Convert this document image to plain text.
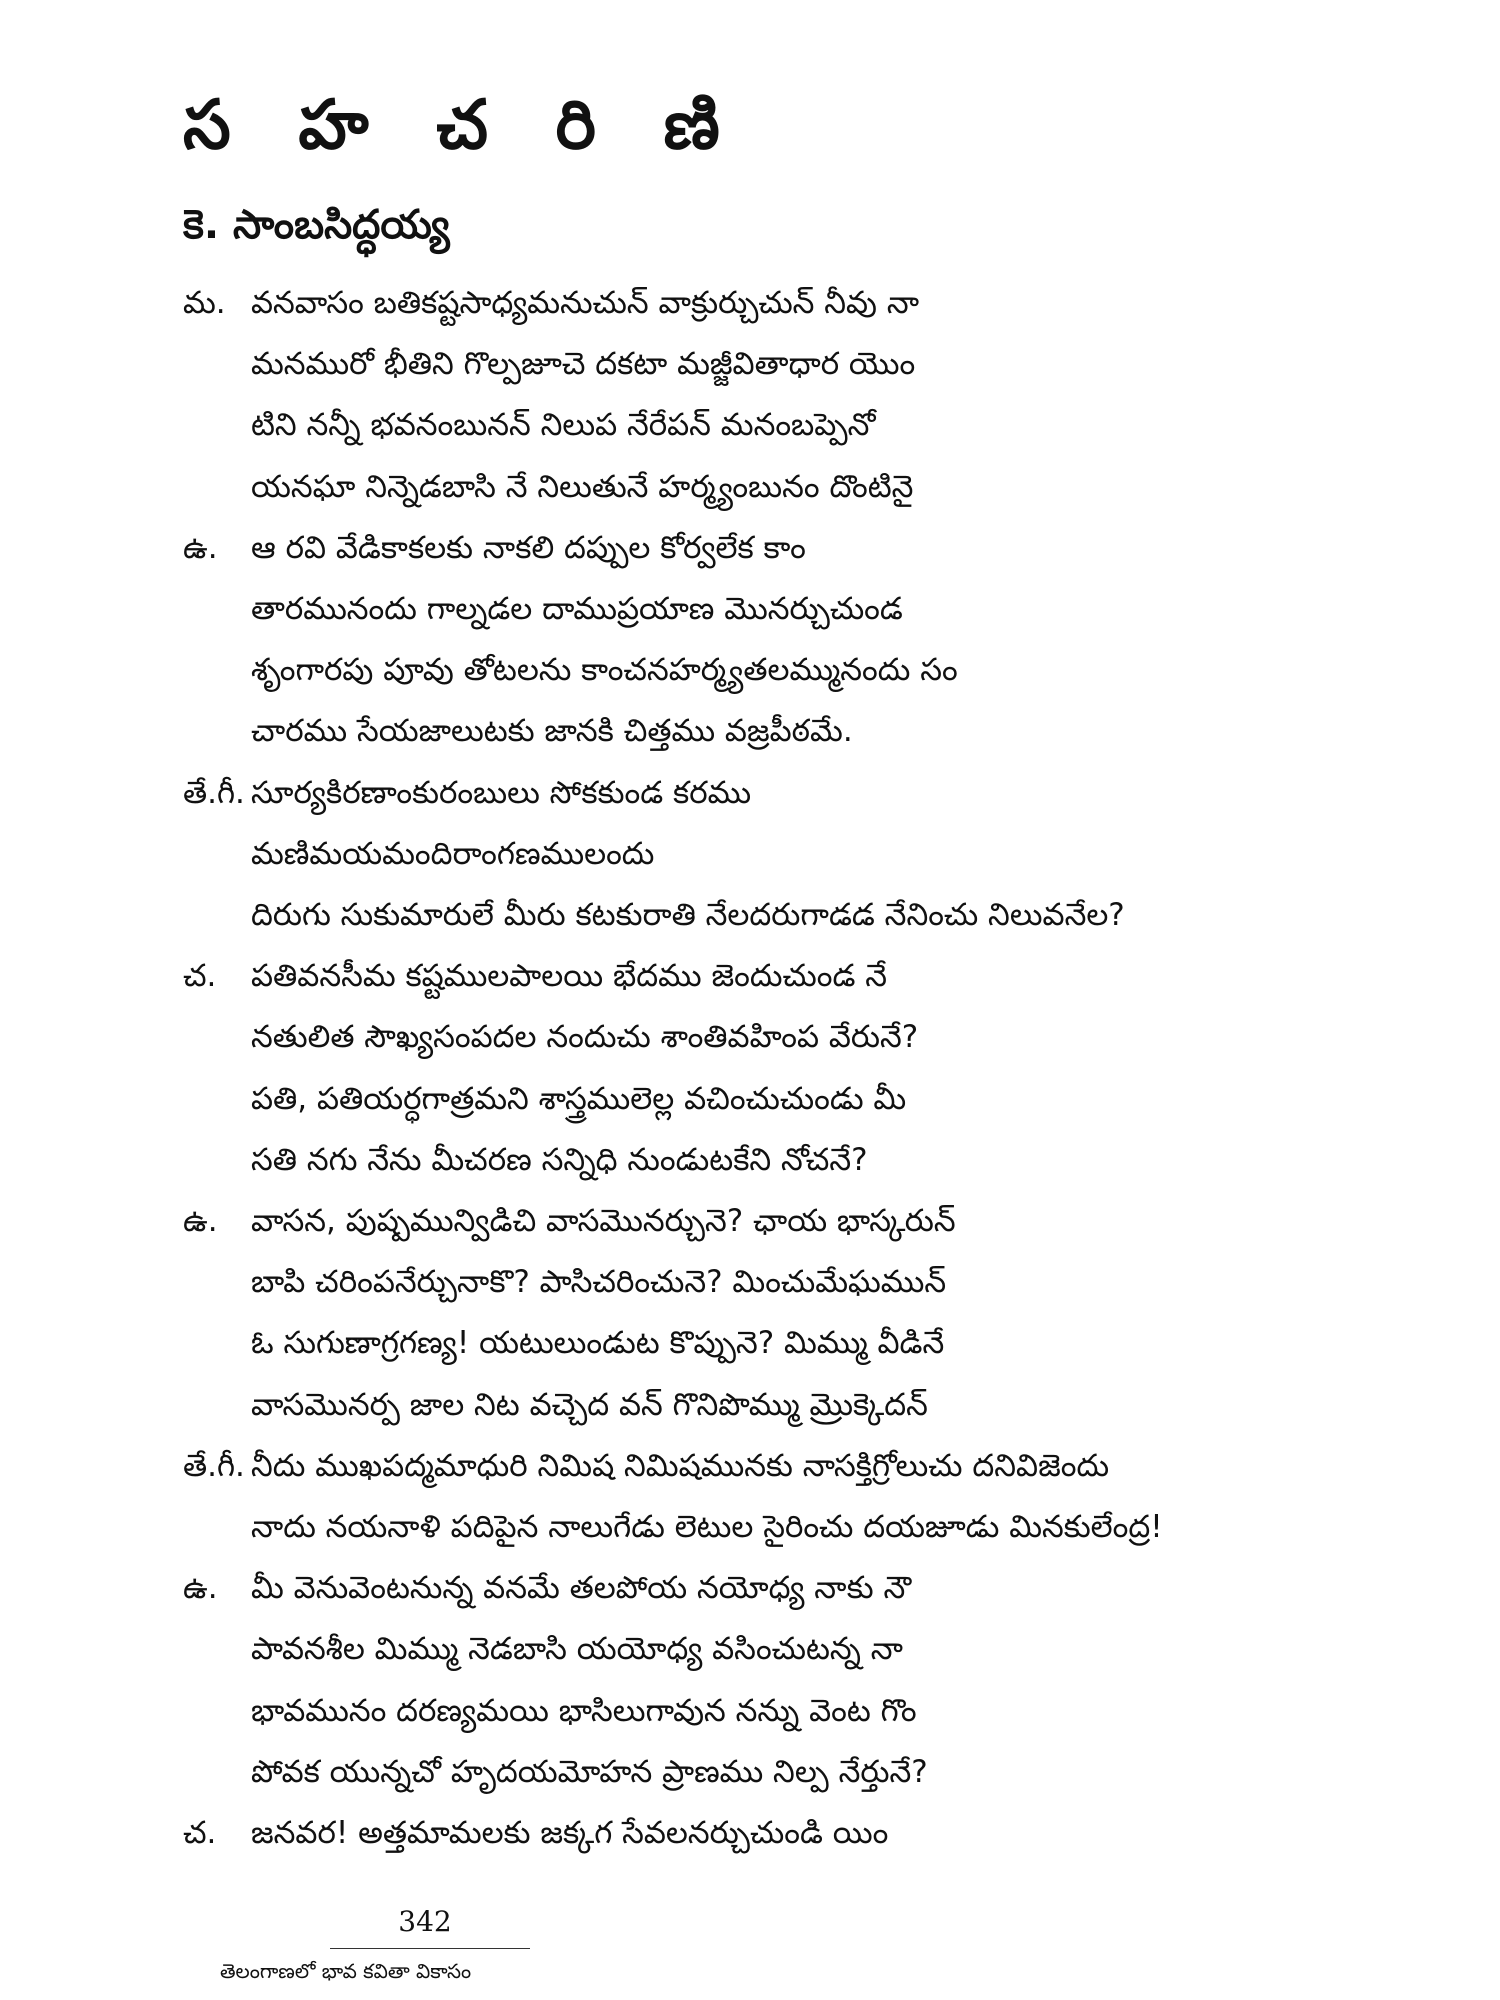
స హ చ రి ణి
కె. సాంబసిద్ధయ్య
మ. వనవాసం బతికష్టసాధ్యమనుచున్ వాక్రుర్చుచున్ నీవు నా
మనమురో భీతిని గొల్పజూచె దకటా మజ్జీవితాధార యొం
టిని నన్నీ భవనంబునన్ నిలుప నేరేపన్ మనంబప్పెనో
యనఘా నిన్నెడబాసి నే నిలుతునే హర్మ్యంబునం దొంటినై
ఉ. ఆ రవి వేడికాకలకు నాకలి దప్పుల కోర్వలేక కాం
తారమునందు గాల్నడల దాముప్రయాణ మొనర్చుచుండ
శృంగారపు పూవు తోటలను కాంచనహర్మ్యతలమ్మునందు సం
చారము సేయజాలుటకు జానకి చిత్తము వజ్రపీఠమే.
తే.గీ. సూర్యకిరణాంకురంబులు సోకకుండ కరము
మణిమయమందిరాంగణములందు
దిరుగు సుకుమారులే మీరు కటకురాతి నేలదరుగాడడ నేనించు నిలువనేల?
చ. పతివనసీమ కష్టములపాలయి భేదము జెందుచుండ నే
నతులిత సౌఖ్యసంపదల నందుచు శాంతివహింప వేరునే?
పతి, పతియర్ధగాత్రమని శాస్త్రములెల్ల వచించుచుండు మీ
సతి నగు నేను మీచరణ సన్నిధి నుండుటకేని నోచనే?
ఉ. వాసన, పుష్పమున్విడిచి వాసమొనర్చునె? ఛాయ భాస్కరున్
బాపి చరింపనేర్చునాకొ? పాసిచరించునె? మించుమేఘమున్
ఓ సుగుణాగ్రగణ్య! యటులుండుట కొప్పునె? మిమ్ము వీడినే
వాసమొనర్ప జాల నిట వచ్చెద వన్ గొనిపొమ్ము మ్రొక్కెదన్
తే.గీ. నీదు ముఖపద్మమాధురి నిమిష నిమిషమునకు నాసక్తిగ్రోలుచు దనివిజెందు
నాదు నయనాళి పదిపైన నాలుగేడు లెటుల సైరించు దయజూడు మినకులేంద్ర!
ఉ. మీ వెనువెంటనున్న వనమే తలపోయ నయోధ్య నాకు నౌ
పావనశీల మిమ్ము నెడబాసి యయోధ్య వసించుటన్న నా
భావమునం దరణ్యమయి భాసిలుగావున నన్ను వెంట గొం
పోవక యున్నచో హృదయమోహన ప్రాణము నిల్ప నేర్తునే?
చ. జనవర! అత్తమామలకు జక్కగ సేవలనర్చుచుండి యిం
342
తెలంగాణలో భావ కవితా వికాసం
